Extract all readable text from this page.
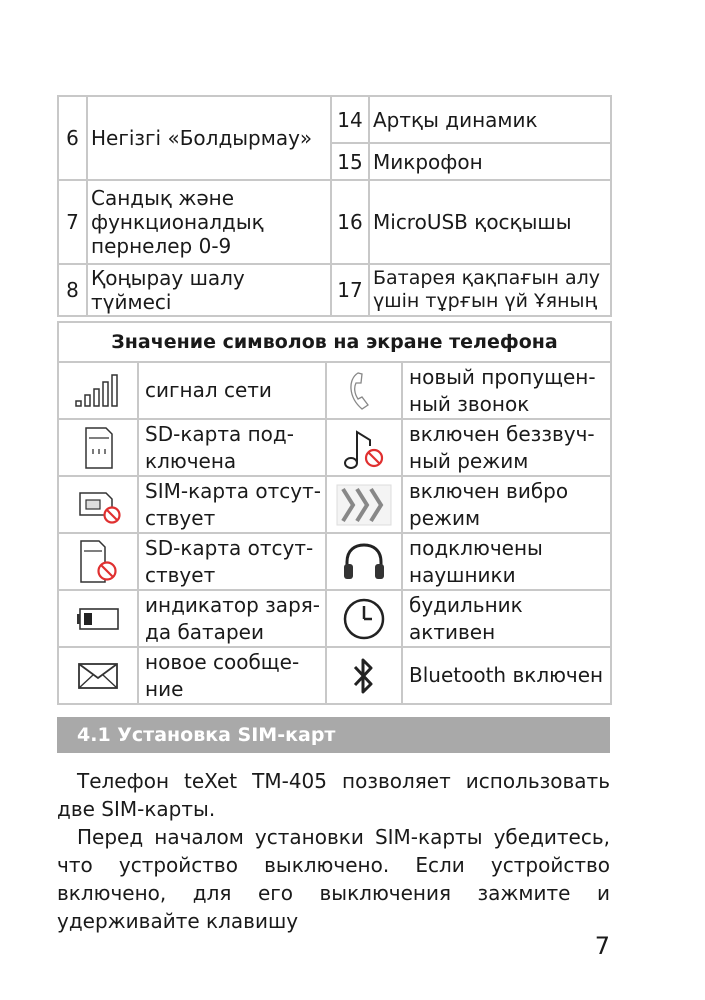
6	Негізгі «Болдырмау»	14	Артқы динамик
		15	Микрофон
7	Сандық және функционалдық пернелер 0-9	16	MicroUSB қосқышы
8	Қоңырау шалу түймесі	17	Батарея қақпағын алу үшін тұрғын үй Ұяның
Значение символов на экране телефона			

	сигнал сети		новый пропущен-ный звонок

	SD-карта под-ключена		включен беззвуч-ный режим

	SIM-карта отсут-ствует		включен вибро режим

	SD-карта отсут-ствует		подключены наушники

	индикатор заря-да батареи		будильник активен

	новое сообще-ние		Bluetooth включен
4.1 Установка SIM-карт

Телефон teXet TM-405 позволяет использовать две SIM-карты.

Перед началом установки SIM-карты убедитесь, что устройство выключено. Если устройство включено, для его выключения зажмите и удерживайте клавишу

7
